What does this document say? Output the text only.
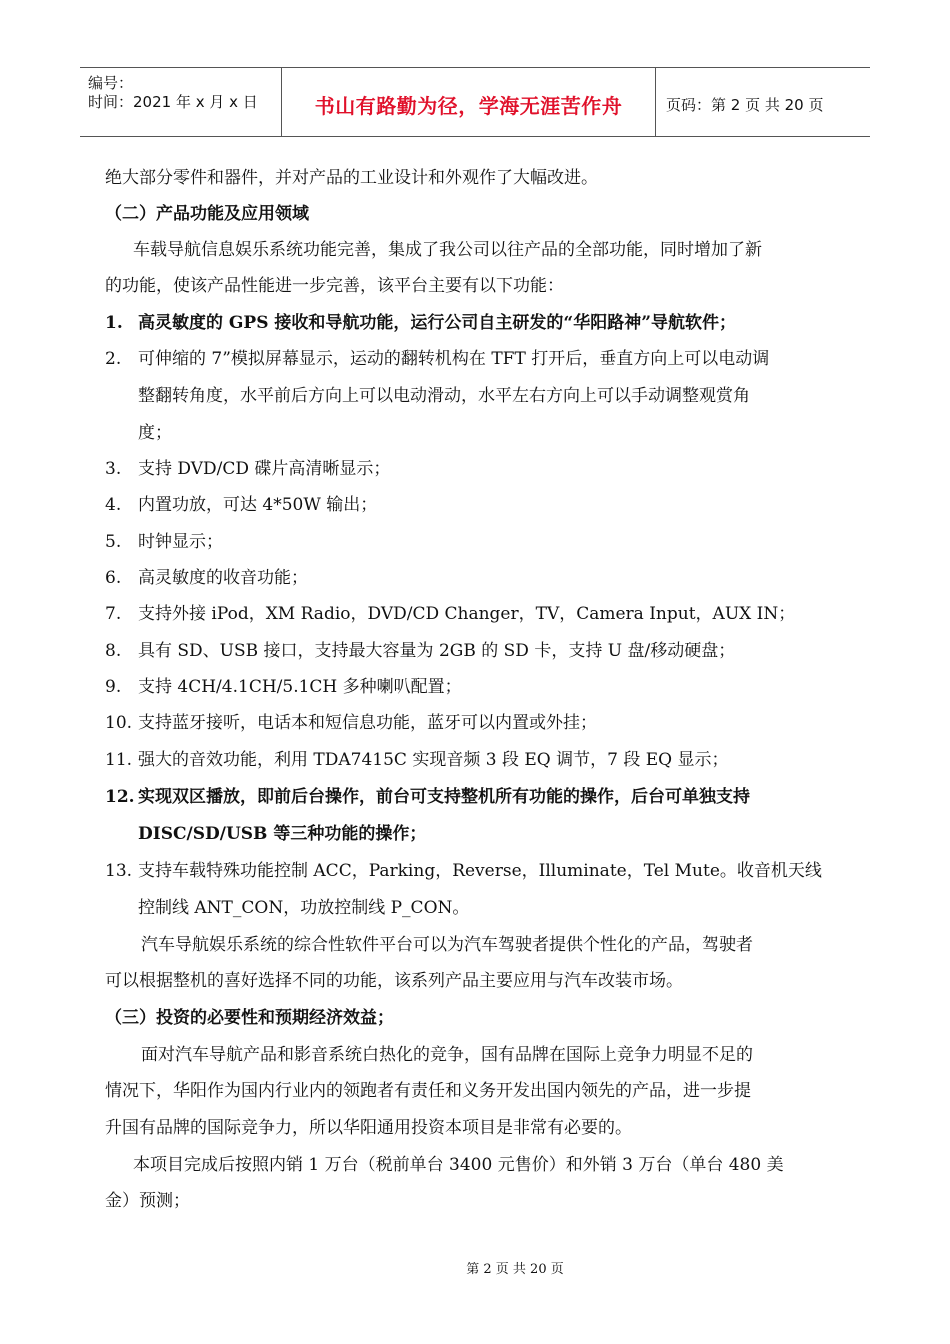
编号：
时间：2021 年 x 月 x 日	书山有路勤为径，学海无涯苦作舟	页码：第 2 页 共 20 页
绝大部分零件和器件，并对产品的工业设计和外观作了大幅改进。
（二）产品功能及应用领域
车载导航信息娱乐系统功能完善，集成了我公司以往产品的全部功能，同时增加了新
的功能，使该产品性能进一步完善，该平台主要有以下功能：
1. 高灵敏度的 GPS 接收和导航功能，运行公司自主研发的“华阳路神”导航软件；
2. 可伸缩的 7”模拟屏幕显示，运动的翻转机构在 TFT 打开后，垂直方向上可以电动调
整翻转角度，水平前后方向上可以电动滑动，水平左右方向上可以手动调整观赏角
度；
3. 支持 DVD/CD 碟片高清晰显示；
4. 内置功放，可达 4*50W 输出；
5. 时钟显示；
6. 高灵敏度的收音功能；
7. 支持外接 iPod，XM Radio，DVD/CD Changer，TV，Camera Input，AUX IN；
8. 具有 SD、USB 接口，支持最大容量为 2GB 的 SD 卡，支持 U 盘/移动硬盘；
9. 支持 4CH/4.1CH/5.1CH 多种喇叭配置；
10. 支持蓝牙接听，电话本和短信息功能，蓝牙可以内置或外挂；
11. 强大的音效功能，利用 TDA7415C 实现音频 3 段 EQ 调节，7 段 EQ 显示；
12. 实现双区播放，即前后台操作，前台可支持整机所有功能的操作，后台可单独支持
DISC/SD/USB 等三种功能的操作；
13. 支持车载特殊功能控制 ACC，Parking，Reverse，Illuminate，Tel Mute。收音机天线
控制线 ANT_CON，功放控制线 P_CON。
汽车导航娱乐系统的综合性软件平台可以为汽车驾驶者提供个性化的产品，驾驶者
可以根据整机的喜好选择不同的功能，该系列产品主要应用与汽车改装市场。
（三）投资的必要性和预期经济效益；
面对汽车导航产品和影音系统白热化的竞争，国有品牌在国际上竞争力明显不足的
情况下，华阳作为国内行业内的领跑者有责任和义务开发出国内领先的产品，进一步提
升国有品牌的国际竞争力，所以华阳通用投资本项目是非常有必要的。
本项目完成后按照内销 1 万台（税前单台 3400 元售价）和外销 3 万台（单台 480 美
金）预测；
第 2 页 共 20 页
